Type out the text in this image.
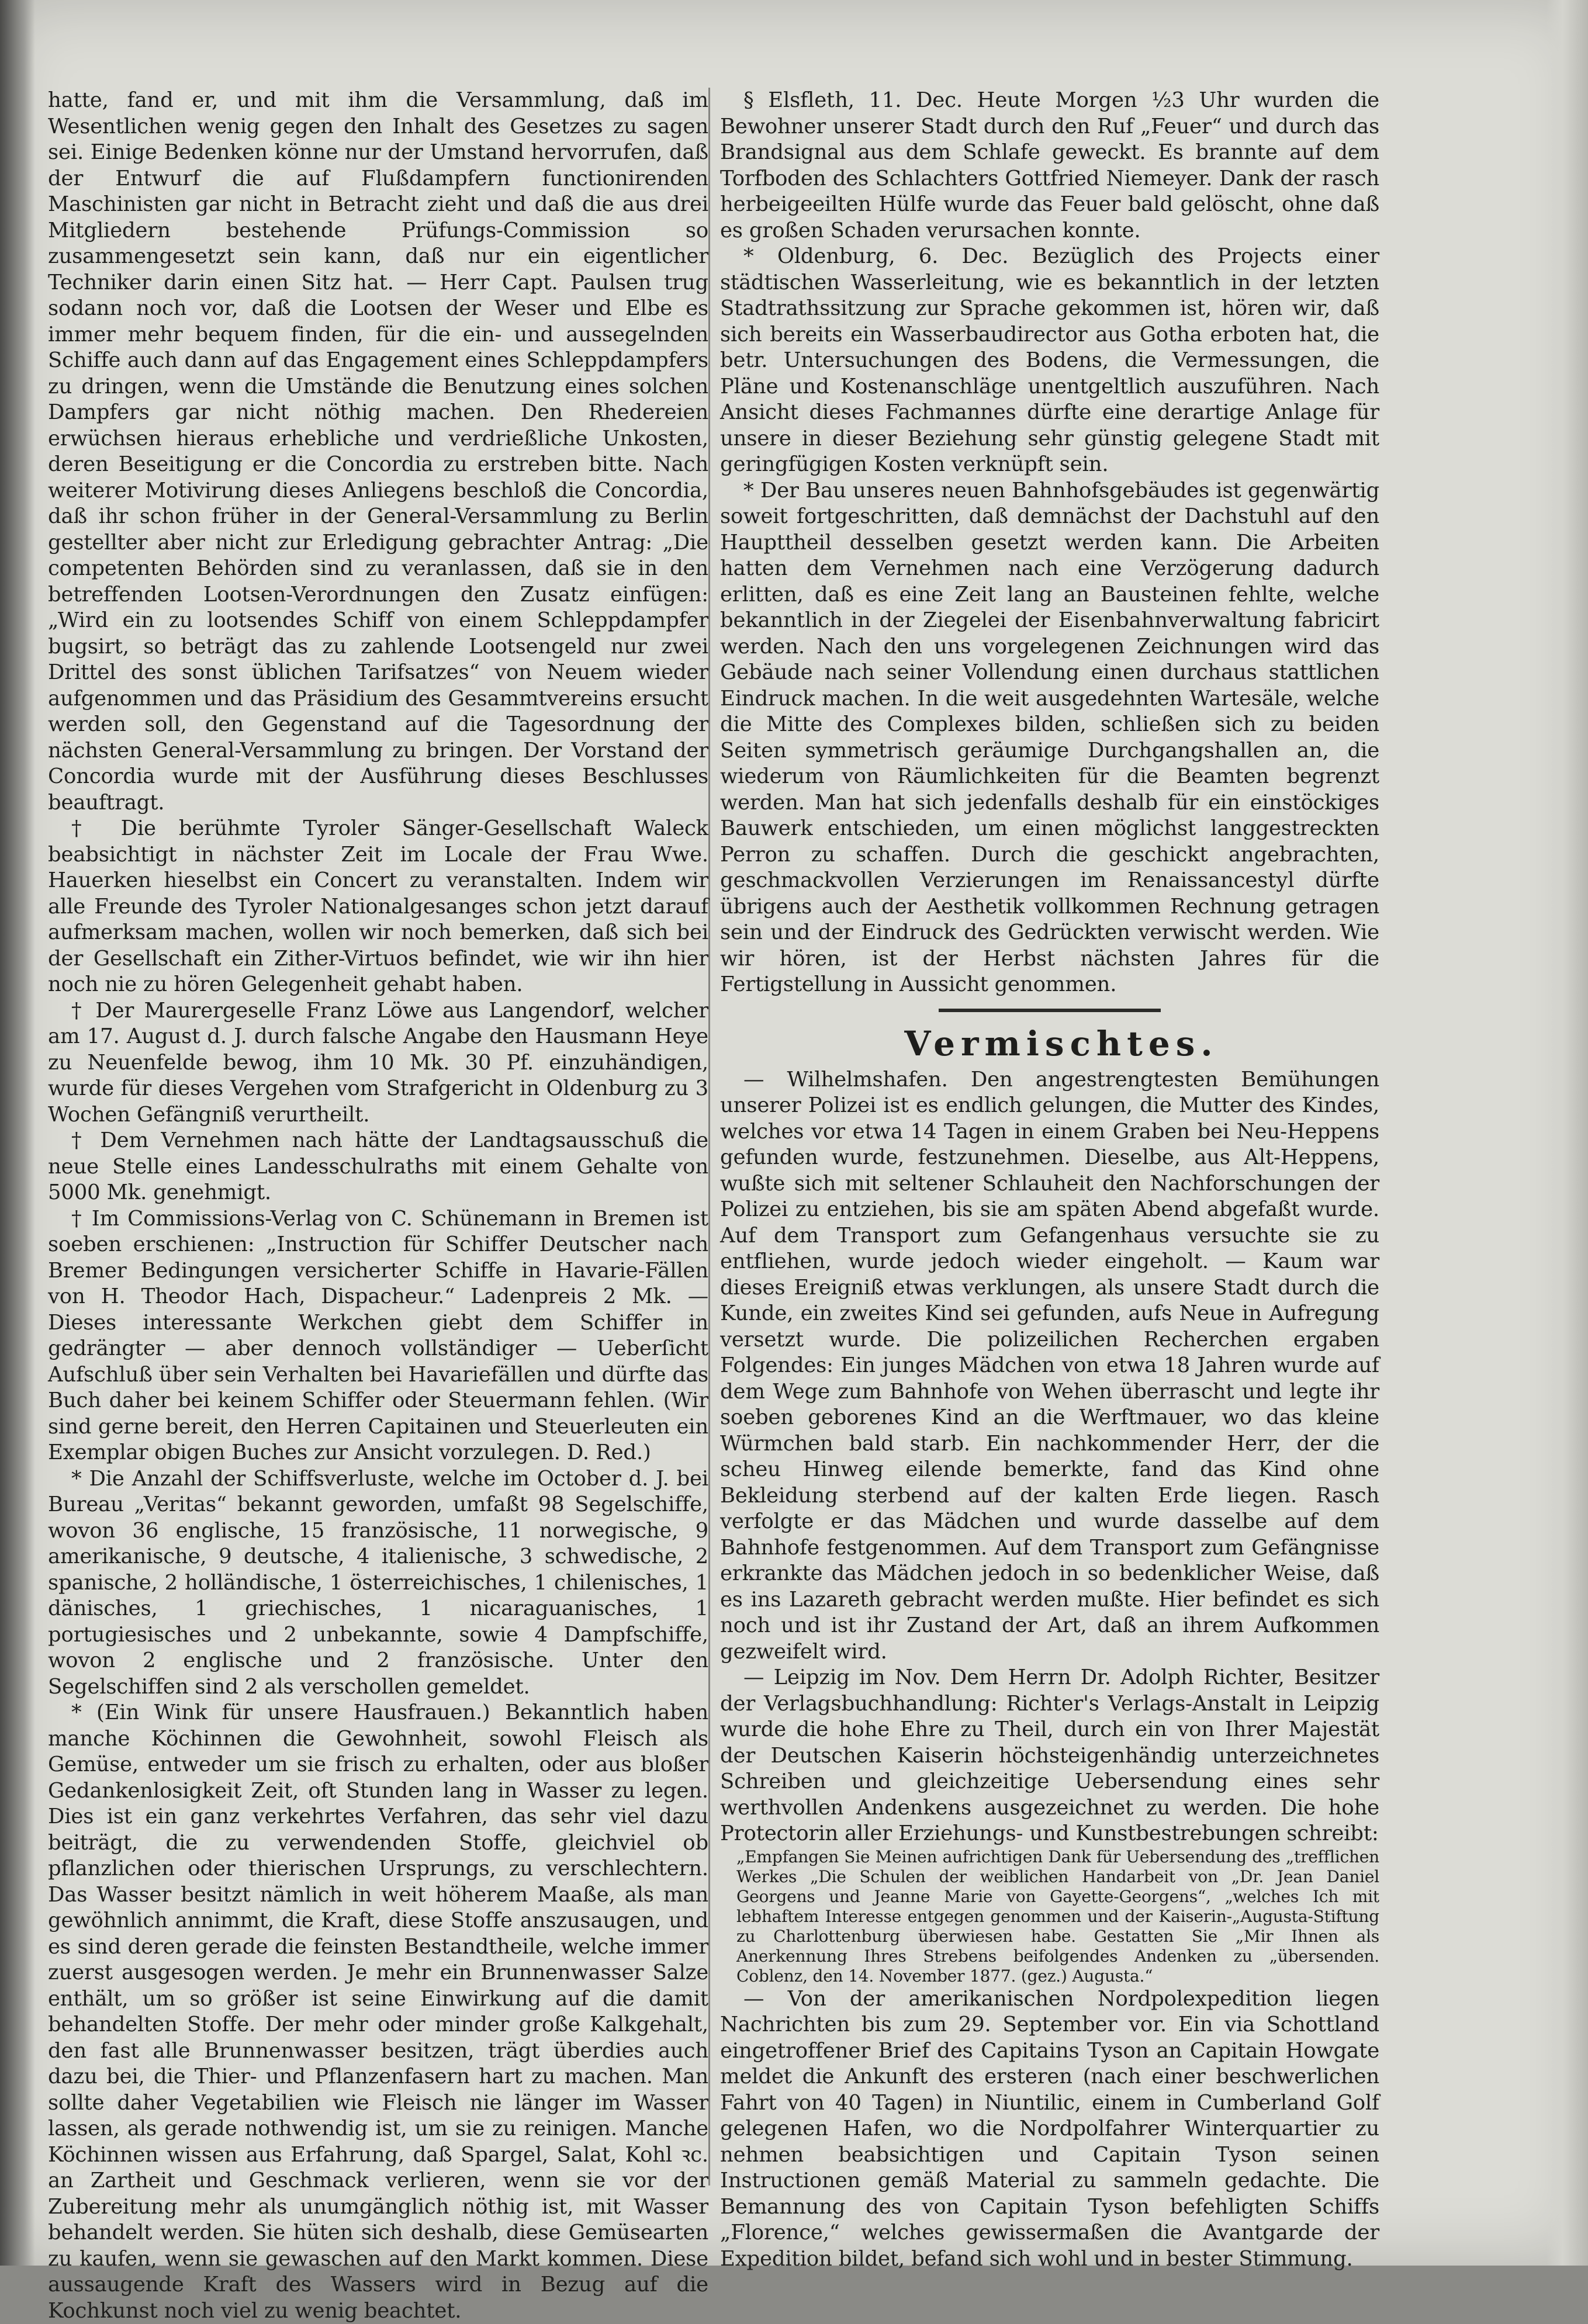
hatte, fand er, und mit ihm die Versammlung, daß im Wesentlichen wenig gegen den Inhalt des Gesetzes zu sagen sei. Einige Bedenken könne nur der Umstand hervorrufen, daß der Entwurf die auf Flußdampfern functionirenden Maschinisten gar nicht in Betracht zieht und daß die aus drei Mitgliedern bestehende Prüfungs-Commission so zusammengesetzt sein kann, daß nur ein eigentlicher Techniker darin einen Sitz hat. — Herr Capt. Paulsen trug sodann noch vor, daß die Lootsen der Weser und Elbe es immer mehr bequem finden, für die ein- und aussegelnden Schiffe auch dann auf das Engagement eines Schleppdampfers zu dringen, wenn die Umstände die Benutzung eines solchen Dampfers gar nicht nöthig machen. Den Rhedereien erwüchsen hieraus erhebliche und verdrießliche Unkosten, deren Beseitigung er die Concordia zu erstreben bitte. Nach weiterer Motivirung dieses Anliegens beschloß die Concordia, daß ihr schon früher in der General-Versammlung zu Berlin gestellter aber nicht zur Erledigung gebrachter Antrag: „Die competenten Behörden sind zu veranlassen, daß sie in den betreffenden Lootsen-Verordnungen den Zusatz einfügen: „Wird ein zu lootsendes Schiff von einem Schleppdampfer bugsirt, so beträgt das zu zahlende Lootsengeld nur zwei Drittel des sonst üblichen Tarifsatzes“ von Neuem wieder aufgenommen und das Präsidium des Gesammtvereins ersucht werden soll, den Gegenstand auf die Tagesordnung der nächsten General-Versammlung zu bringen. Der Vorstand der Concordia wurde mit der Ausführung dieses Beschlusses beauftragt.

† Die berühmte Tyroler Sänger-Gesellschaft Waleck beabsichtigt in nächster Zeit im Locale der Frau Wwe. Hauerken hieselbst ein Concert zu veranstalten. Indem wir alle Freunde des Tyroler Nationalgesanges schon jetzt darauf aufmerksam machen, wollen wir noch bemerken, daß sich bei der Gesellschaft ein Zither-Virtuos befindet, wie wir ihn hier noch nie zu hören Gelegenheit gehabt haben.

† Der Maurergeselle Franz Löwe aus Langendorf, welcher am 17. August d. J. durch falsche Angabe den Hausmann Heye zu Neuenfelde bewog, ihm 10 Mk. 30 Pf. einzuhändigen, wurde für dieses Vergehen vom Strafgericht in Oldenburg zu 3 Wochen Gefängniß verurtheilt.

† Dem Vernehmen nach hätte der Landtagsausschuß die neue Stelle eines Landesschulraths mit einem Gehalte von 5000 Mk. genehmigt.

† Im Commissions-Verlag von C. Schünemann in Bremen ist soeben erschienen: „Instruction für Schiffer Deutscher nach Bremer Bedingungen versicherter Schiffe in Havarie-Fällen von H. Theodor Hach, Dispacheur.“ Ladenpreis 2 Mk. — Dieses interessante Werkchen giebt dem Schiffer in gedrängter — aber dennoch vollständiger — Ueberſicht Aufschluß über sein Verhalten bei Havariefällen und dürfte das Buch daher bei keinem Schiffer oder Steuermann fehlen. (Wir sind gerne bereit, den Herren Capitainen und Steuerleuten ein Exemplar obigen Buches zur Ansicht vorzulegen. D. Red.)

* Die Anzahl der Schiffsverluste, welche im October d. J. bei Bureau „Veritas“ bekannt geworden, umfaßt 98 Segelschiffe, wovon 36 englische, 15 französische, 11 norwegische, 9 amerikanische, 9 deutsche, 4 italienische, 3 schwedische, 2 spanische, 2 holländische, 1 österreichisches, 1 chilenisches, 1 dänisches, 1 griechisches, 1 nicaraguanisches, 1 portugiesisches und 2 unbekannte, sowie 4 Dampfschiffe, wovon 2 englische und 2 französische. Unter den Segelschiffen sind 2 als verschollen gemeldet.

* (Ein Wink für unsere Hausfrauen.) Bekanntlich haben manche Köchinnen die Gewohnheit, sowohl Fleisch als Gemüse, entweder um sie frisch zu erhalten, oder aus bloßer Gedankenlosigkeit Zeit, oft Stunden lang in Wasser zu legen. Dies ist ein ganz verkehrtes Verfahren, das sehr viel dazu beiträgt, die zu verwendenden Stoffe, gleichviel ob pflanzlichen oder thierischen Ursprungs, zu verschlechtern. Das Wasser besitzt nämlich in weit höherem Maaße, als man gewöhnlich annimmt, die Kraft, diese Stoffe anszusaugen, und es sind deren gerade die feinsten Bestandtheile, welche immer zuerst ausgesogen werden. Je mehr ein Brunnenwasser Salze enthält, um so größer ist seine Einwirkung auf die damit behandelten Stoffe. Der mehr oder minder große Kalkgehalt, den fast alle Brunnenwasser besitzen, trägt überdies auch dazu bei, die Thier- und Pflanzenfasern hart zu machen. Man sollte daher Vegetabilien wie Fleisch nie länger im Wasser lassen, als gerade nothwendig ist, um sie zu reinigen. Manche Köchinnen wissen aus Erfahrung, daß Spargel, Salat, Kohl ꝛc. an Zartheit und Geschmack verlieren, wenn sie vor der Zubereitung mehr als unumgänglich nöthig ist, mit Wasser behandelt werden. Sie hüten sich deshalb, diese Gemüsearten zu kaufen, wenn sie gewaschen auf den Markt kommen. Diese aussaugende Kraft des Wassers wird in Bezug auf die Kochkunst noch viel zu wenig beachtet.

§ Elsfleth, 11. Dec. Heute Morgen ½3 Uhr wurden die Bewohner unserer Stadt durch den Ruf „Feuer“ und durch das Brandsignal aus dem Schlafe geweckt. Es brannte auf dem Torfboden des Schlachters Gottfried Niemeyer. Dank der rasch herbeigeeilten Hülfe wurde das Feuer bald gelöscht, ohne daß es großen Schaden verursachen konnte.

* Oldenburg, 6. Dec. Bezüglich des Projects einer städtischen Wasserleitung, wie es bekanntlich in der letzten Stadtrathssitzung zur Sprache gekommen ist, hören wir, daß sich bereits ein Wasserbaudirector aus Gotha erboten hat, die betr. Untersuchungen des Bodens, die Vermessungen, die Pläne und Kostenanschläge unentgeltlich auszuführen. Nach Ansicht dieses Fachmannes dürfte eine derartige Anlage für unsere in dieser Beziehung sehr günstig gelegene Stadt mit geringfügigen Kosten verknüpft sein.

* Der Bau unseres neuen Bahnhofsgebäudes ist gegenwärtig soweit fortgeschritten, daß demnächst der Dachstuhl auf den Haupttheil desselben gesetzt werden kann. Die Arbeiten hatten dem Vernehmen nach eine Verzögerung dadurch erlitten, daß es eine Zeit lang an Bausteinen fehlte, welche bekanntlich in der Ziegelei der Eisenbahnverwaltung fabricirt werden. Nach den uns vorgelegenen Zeichnungen wird das Gebäude nach seiner Vollendung einen durchaus stattlichen Eindruck machen. In die weit ausgedehnten Wartesäle, welche die Mitte des Complexes bilden, schließen sich zu beiden Seiten symmetrisch geräumige Durchgangshallen an, die wiederum von Räumlichkeiten für die Beamten begrenzt werden. Man hat sich jedenfalls deshalb für ein einstöckiges Bauwerk entschieden, um einen möglichst langgestreckten Perron zu schaffen. Durch die geschickt angebrachten, geschmackvollen Verzierungen im Renaissancestyl dürfte übrigens auch der Aesthetik vollkommen Rechnung getragen sein und der Eindruck des Gedrückten verwischt werden. Wie wir hören, ist der Herbst nächsten Jahres für die Fertigstellung in Aussicht genommen.

Vermischtes.

— Wilhelmshafen. Den angestrengtesten Bemühungen unserer Polizei ist es endlich gelungen, die Mutter des Kindes, welches vor etwa 14 Tagen in einem Graben bei Neu-Heppens gefunden wurde, festzunehmen. Dieselbe, aus Alt-Heppens, wußte sich mit seltener Schlauheit den Nachforschungen der Polizei zu entziehen, bis sie am späten Abend abgefaßt wurde. Auf dem Transport zum Gefangenhaus versuchte sie zu entfliehen, wurde jedoch wieder eingeholt. — Kaum war dieses Ereigniß etwas verklungen, als unsere Stadt durch die Kunde, ein zweites Kind sei gefunden, aufs Neue in Aufregung versetzt wurde. Die polizeilichen Recherchen ergaben Folgendes: Ein junges Mädchen von etwa 18 Jahren wurde auf dem Wege zum Bahnhofe von Wehen überrascht und legte ihr soeben geborenes Kind an die Werftmauer, wo das kleine Würmchen bald starb. Ein nachkommender Herr, der die scheu Hinweg eilende bemerkte, fand das Kind ohne Bekleidung sterbend auf der kalten Erde liegen. Rasch verfolgte er das Mädchen und wurde dasselbe auf dem Bahnhofe festgenommen. Auf dem Transport zum Gefängnisse erkrankte das Mädchen jedoch in so bedenklicher Weise, daß es ins Lazareth gebracht werden mußte. Hier befindet es sich noch und ist ihr Zustand der Art, daß an ihrem Aufkommen gezweifelt wird.

— Leipzig im Nov. Dem Herrn Dr. Adolph Richter, Besitzer der Verlagsbuchhandlung: Richter's Verlags-Anstalt in Leipzig wurde die hohe Ehre zu Theil, durch ein von Ihrer Majestät der Deutschen Kaiserin höchsteigenhändig unterzeichnetes Schreiben und gleichzeitige Uebersendung eines sehr werthvollen Andenkens ausgezeichnet zu werden. Die hohe Protectorin aller Erziehungs- und Kunstbestrebungen schreibt:

„Empfangen Sie Meinen aufrichtigen Dank für Uebersendung des „trefflichen Werkes „Die Schulen der weiblichen Handarbeit von „Dr. Jean Daniel Georgens und Jeanne Marie von Gayette-Georgens“, „welches Ich mit lebhaftem Interesse entgegen genommen und der Kaiserin-„Augusta-Stiftung zu Charlottenburg überwiesen habe. Gestatten Sie „Mir Ihnen als Anerkennung Ihres Strebens beifolgendes Andenken zu „übersenden. Coblenz, den 14. November 1877. (gez.) Augusta.“

— Von der amerikanischen Nordpolexpedition liegen Nachrichten bis zum 29. September vor. Ein via Schottland eingetroffener Brief des Capitains Tyson an Capitain Howgate meldet die Ankunft des ersteren (nach einer beschwerlichen Fahrt von 40 Tagen) in Niuntilic, einem in Cumberland Golf gelegenen Hafen, wo die Nordpolfahrer Winterquartier zu nehmen beabsichtigen und Capitain Tyson seinen Instructionen gemäß Material zu sammeln gedachte. Die Bemannung des von Capitain Tyson befehligten Schiffs „Florence,“ welches gewissermaßen die Avantgarde der Expedition bildet, befand sich wohl und in bester Stimmung.
